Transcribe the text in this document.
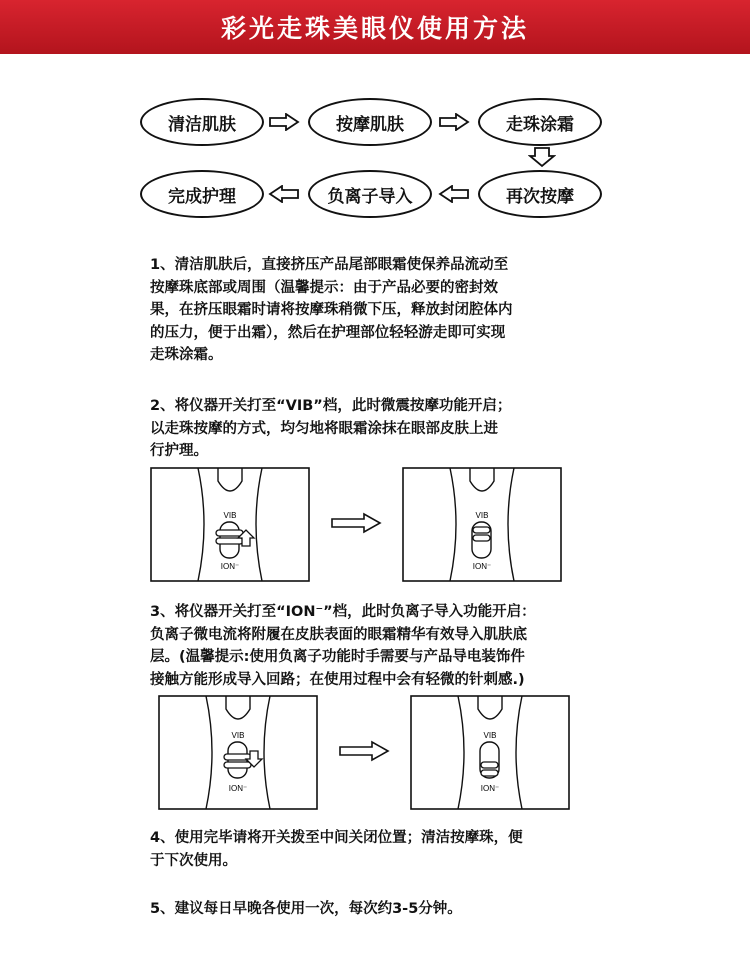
彩光走珠美眼仪使用方法
清洁肌肤	按摩肌肤	走珠涂霜
再次按摩
负离子导入
完成护理
1、清洁肌肤后，直接挤压产品尾部眼霜使保养品流动至
按摩珠底部或周围（温馨提示：由于产品必要的密封效
果，在挤压眼霜时请将按摩珠稍微下压，释放封闭腔体内
的压力，便于出霜），然后在护理部位轻轻游走即可实现
走珠涂霜。
2、将仪器开关打至“VIB”档，此时微震按摩功能开启；
以走珠按摩的方式，均匀地将眼霜涂抹在眼部皮肤上进
行护理。
VIB
ION⁻
VIB
ION⁻
3、将仪器开关打至“ION⁻”档，此时负离子导入功能开启：
负离子微电流将附履在皮肤表面的眼霜精华有效导入肌肤底
层。(温馨提示:使用负离子功能时手需要与产品导电装饰件
接触方能形成导入回路；在使用过程中会有轻微的针刺感.)
VIB
ION⁻
VIB
ION⁻
4、使用完毕请将开关拨至中间关闭位置；清洁按摩珠，便
于下次使用。
5、建议每日早晚各使用一次，每次约3-5分钟。
